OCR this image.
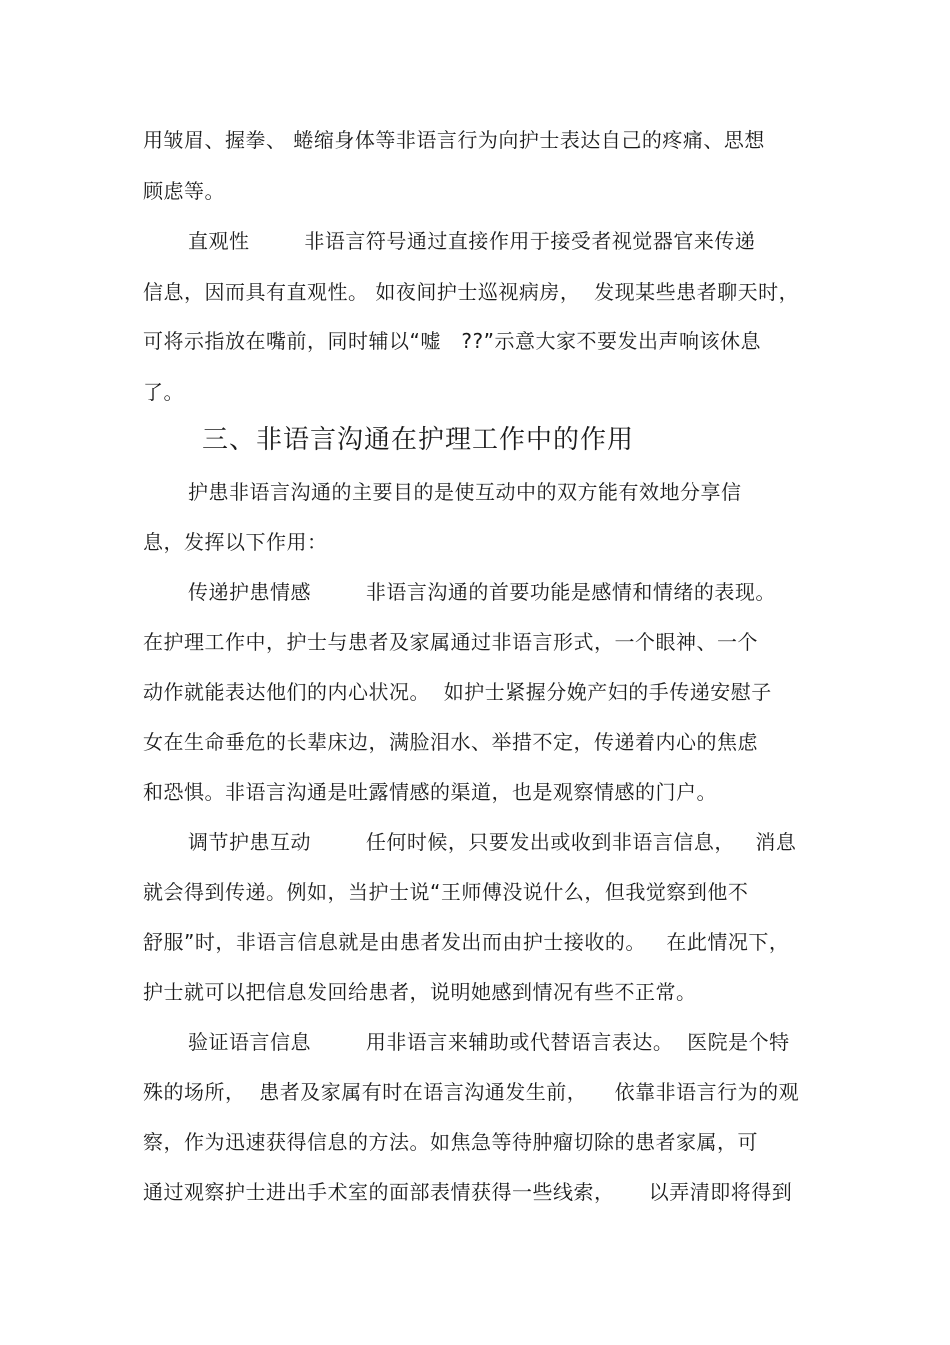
用皱眉、握拳、 蜷缩身体等非语言行为向护士表达自己的疼痛、思想
顾虑等。
直观性        非语言符号通过直接作用于接受者视觉器官来传递
信息，因而具有直观性。 如夜间护士巡视病房，  发现某些患者聊天时，
可将示指放在嘴前，同时辅以“嘘   ??”示意大家不要发出声响该休息
了。
三、非语言沟通在护理工作中的作用
护患非语言沟通的主要目的是使互动中的双方能有效地分享信
息，发挥以下作用：
传递护患情感        非语言沟通的首要功能是感情和情绪的表现。
在护理工作中，护士与患者及家属通过非语言形式，一个眼神、一个
动作就能表达他们的内心状况。  如护士紧握分娩产妇的手传递安慰子
女在生命垂危的长辈床边，满脸泪水、举措不定，传递着内心的焦虑
和恐惧。非语言沟通是吐露情感的渠道，也是观察情感的门户。
调节护患互动        任何时候，只要发出或收到非语言信息，   消息
就会得到传递。例如，当护士说“王师傅没说什么，但我觉察到他不
舒服”时，非语言信息就是由患者发出而由护士接收的。   在此情况下，
护士就可以把信息发回给患者，说明她感到情况有些不正常。
验证语言信息        用非语言来辅助或代替语言表达。  医院是个特
殊的场所，  患者及家属有时在语言沟通发生前，    依靠非语言行为的观
察，作为迅速获得信息的方法。如焦急等待肿瘤切除的患者家属，可
通过观察护士进出手术室的面部表情获得一些线索，     以弄清即将得到
